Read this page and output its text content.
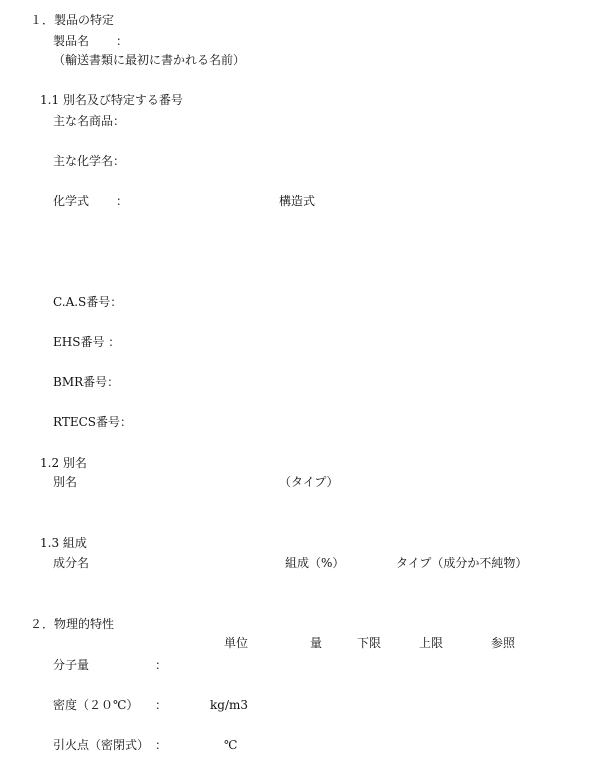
１．製品の特定
製品名 ：
（輸送書類に最初に書かれる名前）
1.1 別名及び特定する番号
主な名商品：
主な化学名：
化学式 ：	構造式
C.A.S番号：
EHS番号 ：
BMR番号：
RTECS番号：
1.2 別名
別名	（タイプ）
1.3 組成
成分名	組成（%）	タイプ（成分か不純物）
２．物理的特性
単位	量	下限	上限	参照
分子量	：
密度（２０℃） ：	kg/m3
引火点（密閉式） ：	℃
